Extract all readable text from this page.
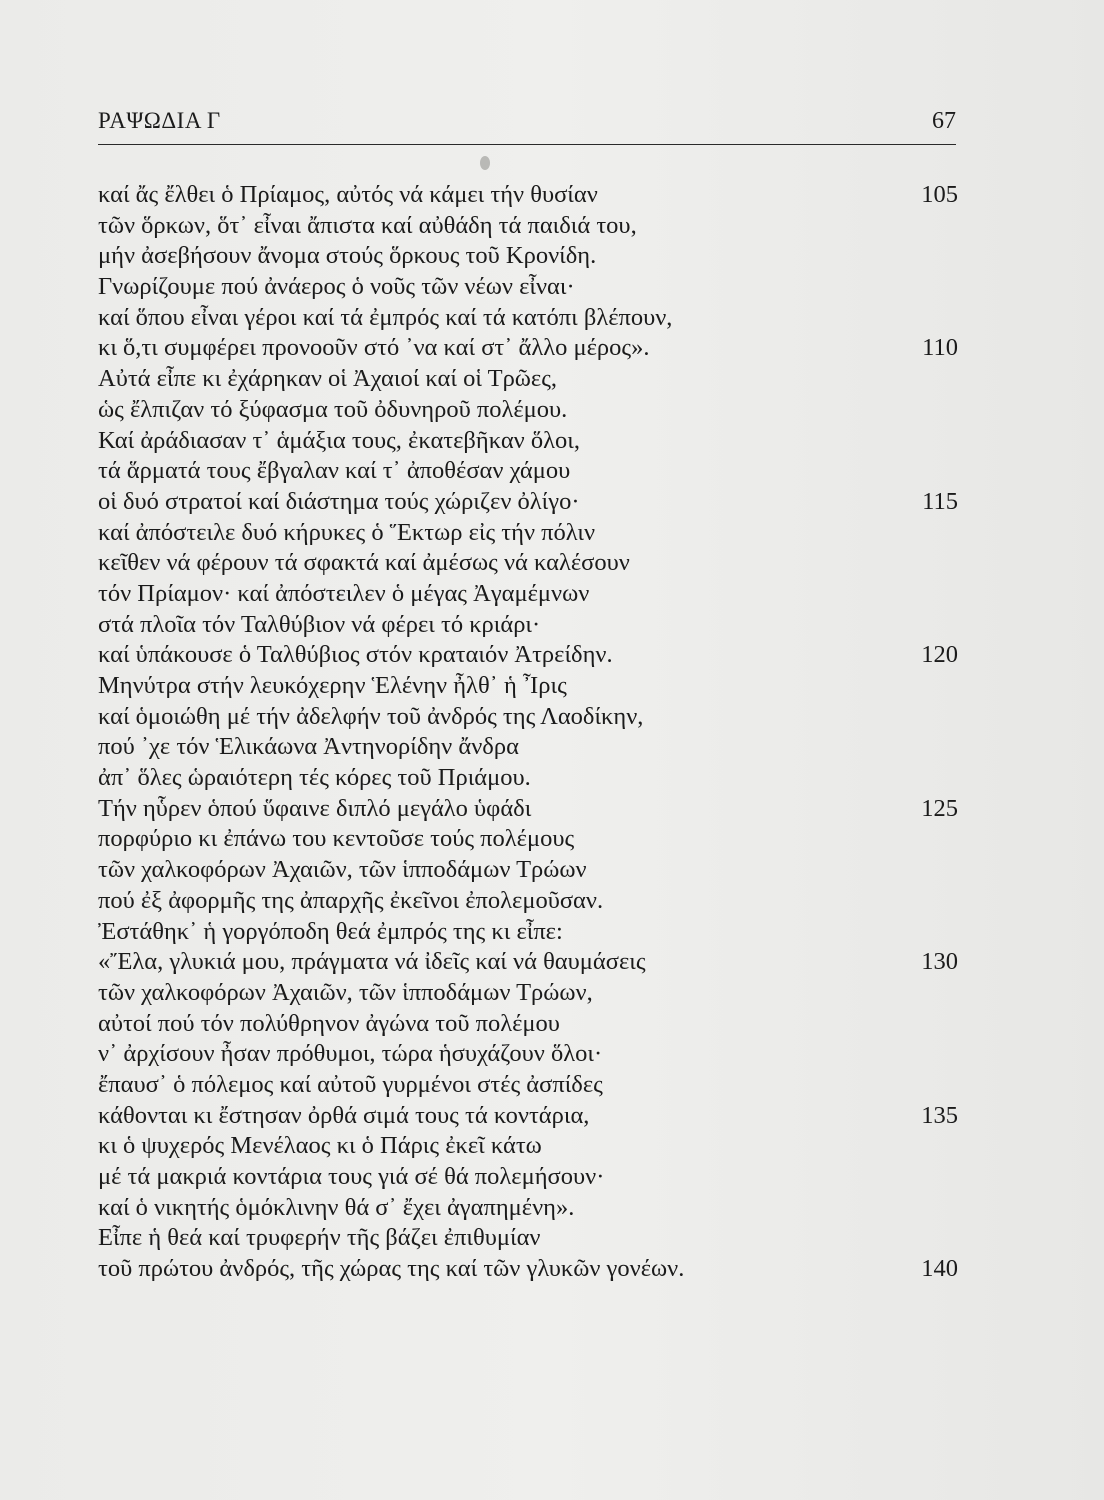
ΡΑΨΩΔΙΑ Γ	67
καί ἄς ἔλθει ὁ Πρίαμος, αὐτός νά κάμει τήν θυσίαν	105
τῶν ὅρκων, ὅτ᾽ εἶναι ἄπιστα καί αὐθάδη τά παιδιά του,
μήν ἀσεβήσουν ἄνομα στούς ὅρκους τοῦ Κρονίδη.
Γνωρίζουμε πού ἀνάερος ὁ νοῦς τῶν νέων εἶναι·
καί ὅπου εἶναι γέροι καί τά ἐμπρός καί τά κατόπι βλέπουν,
κι ὅ,τι συμφέρει προνοοῦν στό ᾽να καί στ᾽ ἄλλο μέρος».	110
Αὐτά εἶπε κι ἐχάρηκαν οἱ Ἀχαιοί καί οἱ Τρῶες,
ὡς ἔλπιζαν τό ξύφασμα τοῦ ὀδυνηροῦ πολέμου.
Καί ἀράδιασαν τ᾽ ἁμάξια τους, ἐκατεβῆκαν ὅλοι,
τά ἅρματά τους ἔβγαλαν καί τ᾽ ἀποθέσαν χάμου
οἱ δυό στρατοί καί διάστημα τούς χώριζεν ὀλίγο·	115
καί ἀπόστειλε δυό κήρυκες ὁ Ἕκτωρ εἰς τήν πόλιν
κεῖθεν νά φέρουν τά σφακτά καί ἀμέσως νά καλέσουν
τόν Πρίαμον· καί ἀπόστειλεν ὁ μέγας Ἀγαμέμνων
στά πλοῖα τόν Ταλθύβιον νά φέρει τό κριάρι·
καί ὑπάκουσε ὁ Ταλθύβιος στόν κραταιόν Ἀτρείδην.	120
Μηνύτρα στήν λευκόχερην Ἑλένην ἦλθ᾽ ἡ Ἶρις
καί ὁμοιώθη μέ τήν ἀδελφήν τοῦ ἀνδρός της Λαοδίκην,
πού ᾽χε τόν Ἑλικάωνα Ἀντηνορίδην ἄνδρα
ἀπ᾽ ὅλες ὡραιότερη τές κόρες τοῦ Πριάμου.
Τήν ηὗρεν ὁπού ὕφαινε διπλό μεγάλο ὑφάδι	125
πορφύριο κι ἐπάνω του κεντοῦσε τούς πολέμους
τῶν χαλκοφόρων Ἀχαιῶν, τῶν ἱπποδάμων Τρώων
πού ἐξ ἀφορμῆς της ἀπαρχῆς ἐκεῖνοι ἐπολεμοῦσαν.
Ἐστάθηκ᾽ ἡ γοργόποδη θεά ἐμπρός της κι εἶπε:
«Ἔλα, γλυκιά μου, πράγματα νά ἰδεῖς καί νά θαυμάσεις	130
τῶν χαλκοφόρων Ἀχαιῶν, τῶν ἱπποδάμων Τρώων,
αὐτοί πού τόν πολύθρηνον ἀγώνα τοῦ πολέμου
ν᾽ ἀρχίσουν ἦσαν πρόθυμοι, τώρα ἡσυχάζουν ὅλοι·
ἔπαυσ᾽ ὁ πόλεμος καί αὐτοῦ γυρμένοι στές ἀσπίδες
κάθονται κι ἔστησαν ὀρθά σιμά τους τά κοντάρια,	135
κι ὁ ψυχερός Μενέλαος κι ὁ Πάρις ἐκεῖ κάτω
μέ τά μακριά κοντάρια τους γιά σέ θά πολεμήσουν·
καί ὁ νικητής ὁμόκλινην θά σ᾽ ἔχει ἀγαπημένη».
Εἶπε ἡ θεά καί τρυφερήν τῆς βάζει ἐπιθυμίαν
τοῦ πρώτου ἀνδρός, τῆς χώρας της καί τῶν γλυκῶν γονέων.	140
